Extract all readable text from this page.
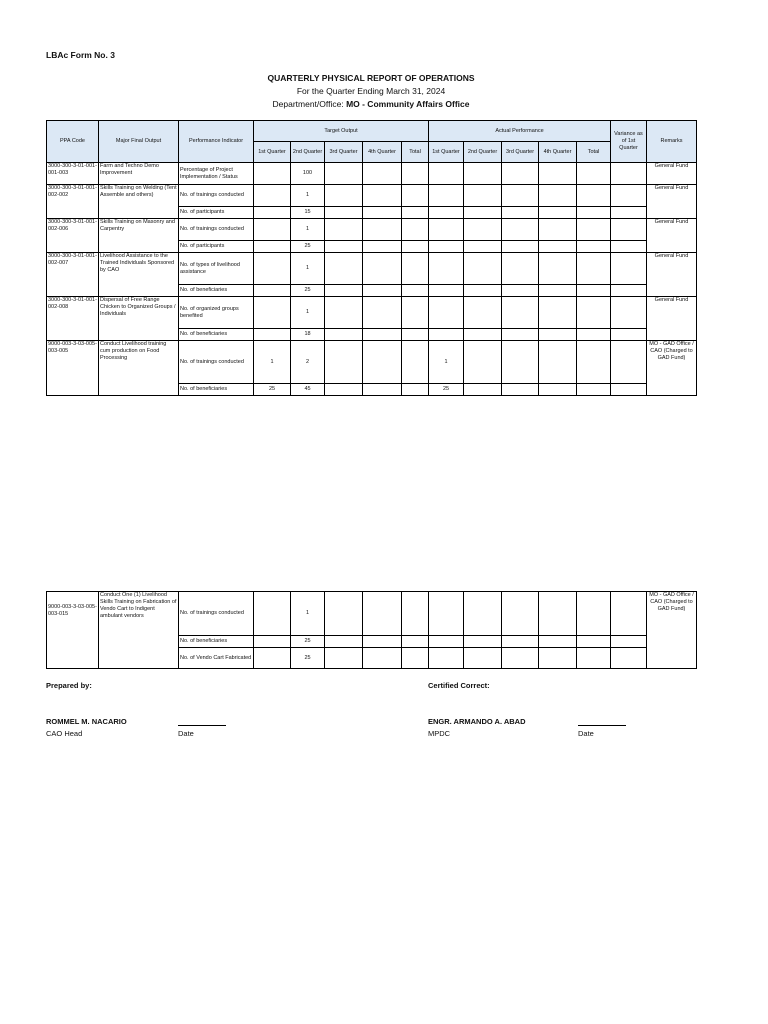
LBAc Form No. 3
QUARTERLY PHYSICAL REPORT OF OPERATIONS
For the Quarter Ending March 31, 2024
Department/Office: MO - Community Affairs Office
PPA Code	Major Final Output	Performance Indicator	Target Output					Actual Performance					Variance as of 1st Quarter	Remarks
			1st Quarter	2nd Quarter	3rd Quarter	4th Quarter	Total	1st Quarter	2nd Quarter	3rd Quarter	4th Quarter	Total		
3000-300-3-01-001-001-003	Farm and Techno Demo Improvement	Percentage of Project Implementation / Status		100										General Fund
3000-300-3-01-001-002-002	Skills Training on Welding (Tent Assemble and others)	No. of trainings conducted		1										General Fund
		No. of participants		15										
3000-300-3-01-001-002-006	Skills Training on Masonry and Carpentry	No. of trainings conducted		1										General Fund
		No. of participants		25										
3000-300-3-01-001-002-007	Livelihood Assistance to the Trained Individuals Sponsored by CAO	No. of types of livelihood assistance		1										General Fund
		No. of beneficiaries		25										
3000-300-3-01-001-002-008	Dispersal of Free Range Chicken to Organized Groups / Individuals	No. of organized groups benefited		1										General Fund
		No. of beneficiaries		18										
9000-003-3-03-005-003-005	Conduct Livelihood training cum production on Food Processing	No. of trainings conducted	1	2				1						MO - GAD Office / CAO (Charged to GAD Fund)
		No. of beneficiaries	25	45				25						
9000-003-3-03-005-003-015	Conduct One (1) Livelihood Skills Training on Fabrication of Vendo Cart to Indigent ambulant vendors	No. of trainings conducted		1										MO - GAD Office / CAO (Charged to GAD Fund)
		No. of beneficiaries		25										
		No. of Vendo Cart Fabricated		25										
Prepared by:	Certified Correct:
ROMMEL M. NACARIO
CAO Head	Date
ENGR. ARMANDO A. ABAD
MPDC	Date
